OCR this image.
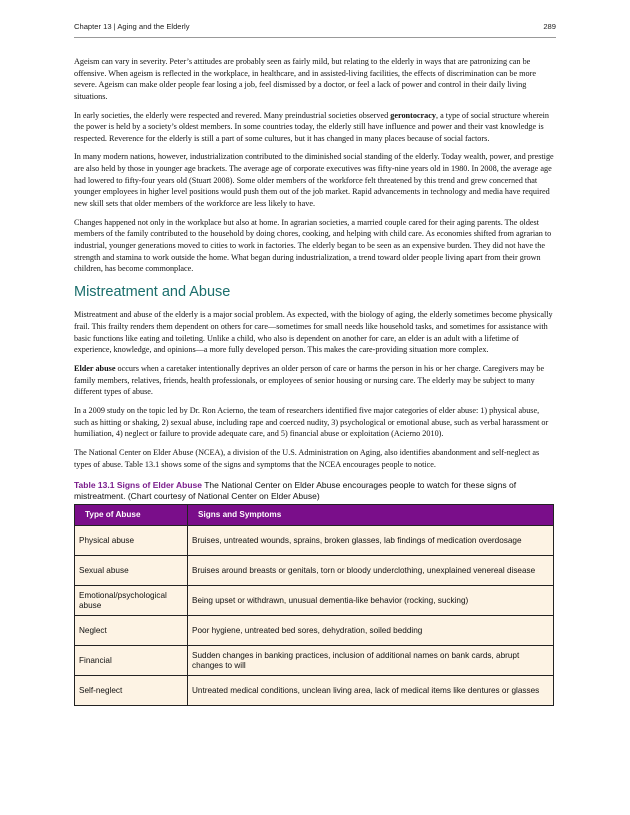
Chapter 13 | Aging and the Elderly	289

Ageism can vary in severity. Peter’s attitudes are probably seen as fairly mild, but relating to the elderly in ways that are patronizing can be offensive. When ageism is reflected in the workplace, in healthcare, and in assisted-living facilities, the effects of discrimination can be more severe. Ageism can make older people fear losing a job, feel dismissed by a doctor, or feel a lack of power and control in their daily living situations.

In early societies, the elderly were respected and revered. Many preindustrial societies observed gerontocracy, a type of social structure wherein the power is held by a society’s oldest members. In some countries today, the elderly still have influence and power and their vast knowledge is respected. Reverence for the elderly is still a part of some cultures, but it has changed in many places because of social factors.

In many modern nations, however, industrialization contributed to the diminished social standing of the elderly. Today wealth, power, and prestige are also held by those in younger age brackets. The average age of corporate executives was fifty-nine years old in 1980. In 2008, the average age had lowered to fifty-four years old (Stuart 2008). Some older members of the workforce felt threatened by this trend and grew concerned that younger employees in higher level positions would push them out of the job market. Rapid advancements in technology and media have required new skill sets that older members of the workforce are less likely to have.

Changes happened not only in the workplace but also at home. In agrarian societies, a married couple cared for their aging parents. The oldest members of the family contributed to the household by doing chores, cooking, and helping with child care. As economies shifted from agrarian to industrial, younger generations moved to cities to work in factories. The elderly began to be seen as an expensive burden. They did not have the strength and stamina to work outside the home. What began during industrialization, a trend toward older people living apart from their grown children, has become commonplace.

Mistreatment and Abuse

Mistreatment and abuse of the elderly is a major social problem. As expected, with the biology of aging, the elderly sometimes become physically frail. This frailty renders them dependent on others for care—sometimes for small needs like household tasks, and sometimes for assistance with basic functions like eating and toileting. Unlike a child, who also is dependent on another for care, an elder is an adult with a lifetime of experience, knowledge, and opinions—a more fully developed person. This makes the care-providing situation more complex.

Elder abuse occurs when a caretaker intentionally deprives an older person of care or harms the person in his or her charge. Caregivers may be family members, relatives, friends, health professionals, or employees of senior housing or nursing care. The elderly may be subject to many different types of abuse.

In a 2009 study on the topic led by Dr. Ron Acierno, the team of researchers identified five major categories of elder abuse: 1) physical abuse, such as hitting or shaking, 2) sexual abuse, including rape and coerced nudity, 3) psychological or emotional abuse, such as verbal harassment or humiliation, 4) neglect or failure to provide adequate care, and 5) financial abuse or exploitation (Acierno 2010).

The National Center on Elder Abuse (NCEA), a division of the U.S. Administration on Aging, also identifies abandonment and self-neglect as types of abuse. Table 13.1 shows some of the signs and symptoms that the NCEA encourages people to notice.

Table 13.1 Signs of Elder Abuse The National Center on Elder Abuse encourages people to watch for these signs of mistreatment. (Chart courtesy of National Center on Elder Abuse)
Type of Abuse	Signs and Symptoms
Physical abuse	Bruises, untreated wounds, sprains, broken glasses, lab findings of medication overdosage
Sexual abuse	Bruises around breasts or genitals, torn or bloody underclothing, unexplained venereal disease
Emotional/psychological abuse	Being upset or withdrawn, unusual dementia-like behavior (rocking, sucking)
Neglect	Poor hygiene, untreated bed sores, dehydration, soiled bedding
Financial	Sudden changes in banking practices, inclusion of additional names on bank cards, abrupt changes to will
Self-neglect	Untreated medical conditions, unclean living area, lack of medical items like dentures or glasses
